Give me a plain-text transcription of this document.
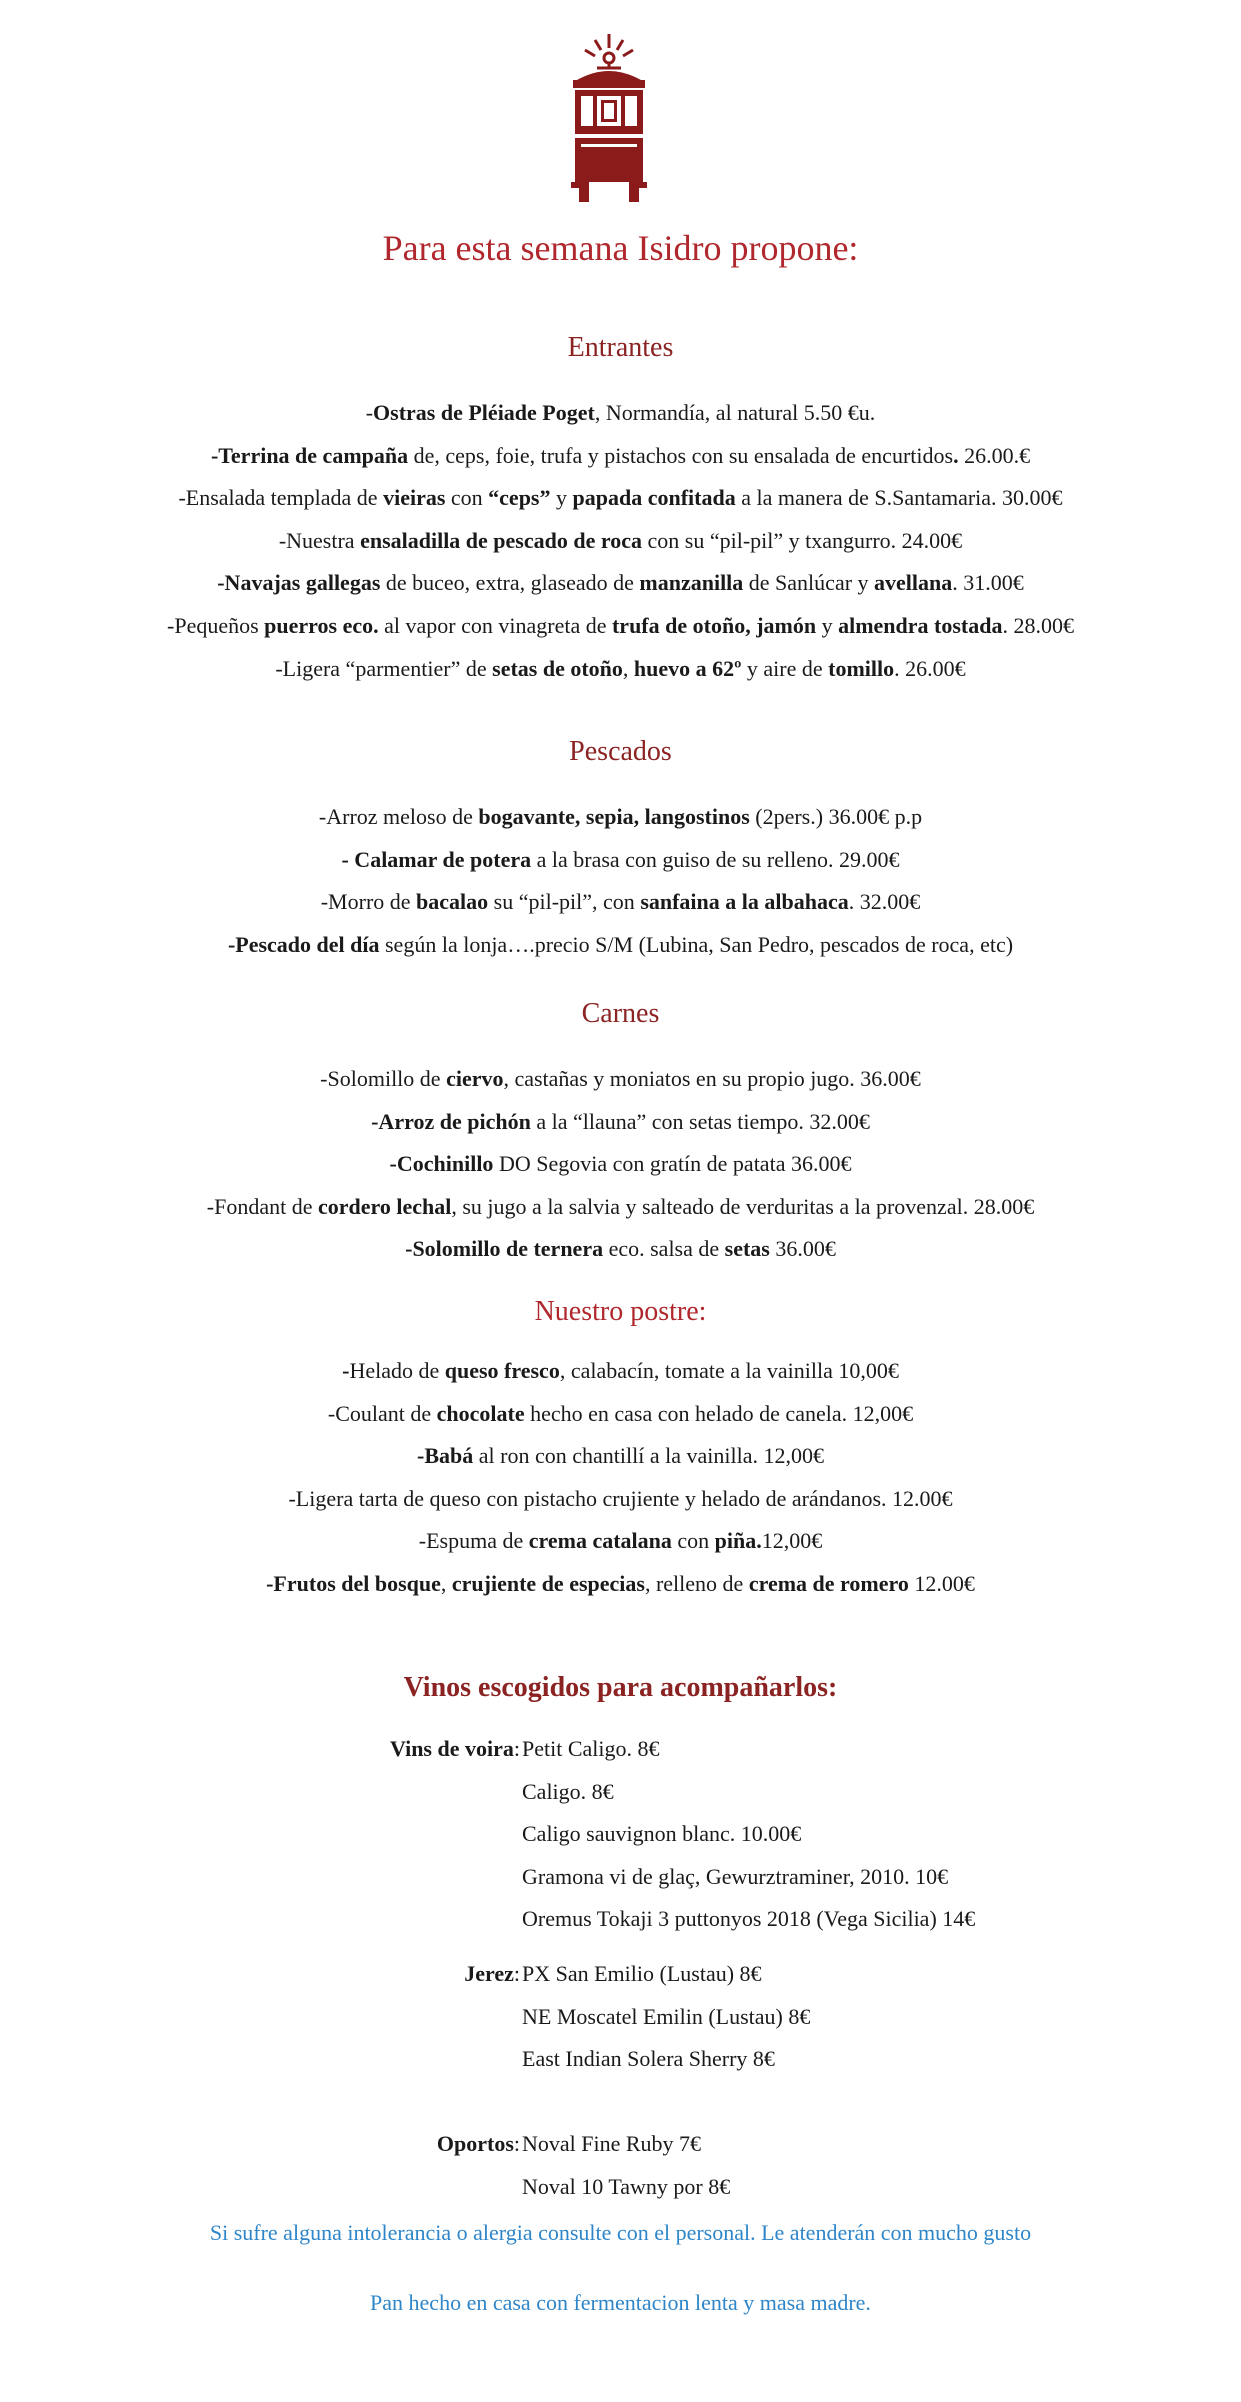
Para esta semana Isidro propone:
Entrantes
-Ostras de Pléiade Poget, Normandía, al natural 5.50 €u.
-Terrina de campaña de, ceps, foie, trufa y pistachos con su ensalada de encurtidos. 26.00.€
-Ensalada templada de vieiras con “ceps” y papada confitada a la manera de S.Santamaria. 30.00€
-Nuestra ensaladilla de pescado de roca con su “pil-pil” y txangurro. 24.00€
-Navajas gallegas de buceo, extra, glaseado de manzanilla de Sanlúcar y avellana. 31.00€
-Pequeños puerros eco. al vapor con vinagreta de trufa de otoño, jamón y almendra tostada. 28.00€
-Ligera “parmentier” de setas de otoño, huevo a 62º y aire de tomillo. 26.00€
Pescados
-Arroz meloso de bogavante, sepia, langostinos (2pers.) 36.00€ p.p
- Calamar de potera a la brasa con guiso de su relleno. 29.00€
-Morro de bacalao su “pil-pil”, con sanfaina a la albahaca. 32.00€
-Pescado del día según la lonja….precio S/M (Lubina, San Pedro, pescados de roca, etc)
Carnes
-Solomillo de ciervo, castañas y moniatos en su propio jugo. 36.00€
-Arroz de pichón a la “llauna” con setas tiempo. 32.00€
-Cochinillo DO Segovia con gratín de patata 36.00€
-Fondant de cordero lechal, su jugo a la salvia y salteado de verduritas a la provenzal. 28.00€
-Solomillo de ternera eco. salsa de setas 36.00€
Nuestro postre:
-Helado de queso fresco, calabacín, tomate a la vainilla 10,00€
-Coulant de chocolate hecho en casa con helado de canela. 12,00€
-Babá al ron con chantillí a la vainilla. 12,00€
-Ligera tarta de queso con pistacho crujiente y helado de arándanos. 12.00€
-Espuma de crema catalana con piña.12,00€
-Frutos del bosque, crujiente de especias, relleno de crema de romero 12.00€
Vinos escogidos para acompañarlos:
Vins de voira: Petit Caligo. 8€
Caligo. 8€
Caligo sauvignon blanc. 10.00€
Gramona vi de glaç, Gewurztraminer, 2010. 10€
Oremus Tokaji 3 puttonyos 2018 (Vega Sicilia) 14€
Jerez: PX San Emilio (Lustau) 8€
NE Moscatel Emilin (Lustau) 8€
East Indian Solera Sherry 8€
Oportos: Noval Fine Ruby 7€
Noval 10 Tawny por 8€

Si sufre alguna intolerancia o alergia consulte con el personal. Le atenderán con mucho gusto

Pan hecho en casa con fermentacion lenta y masa madre.
